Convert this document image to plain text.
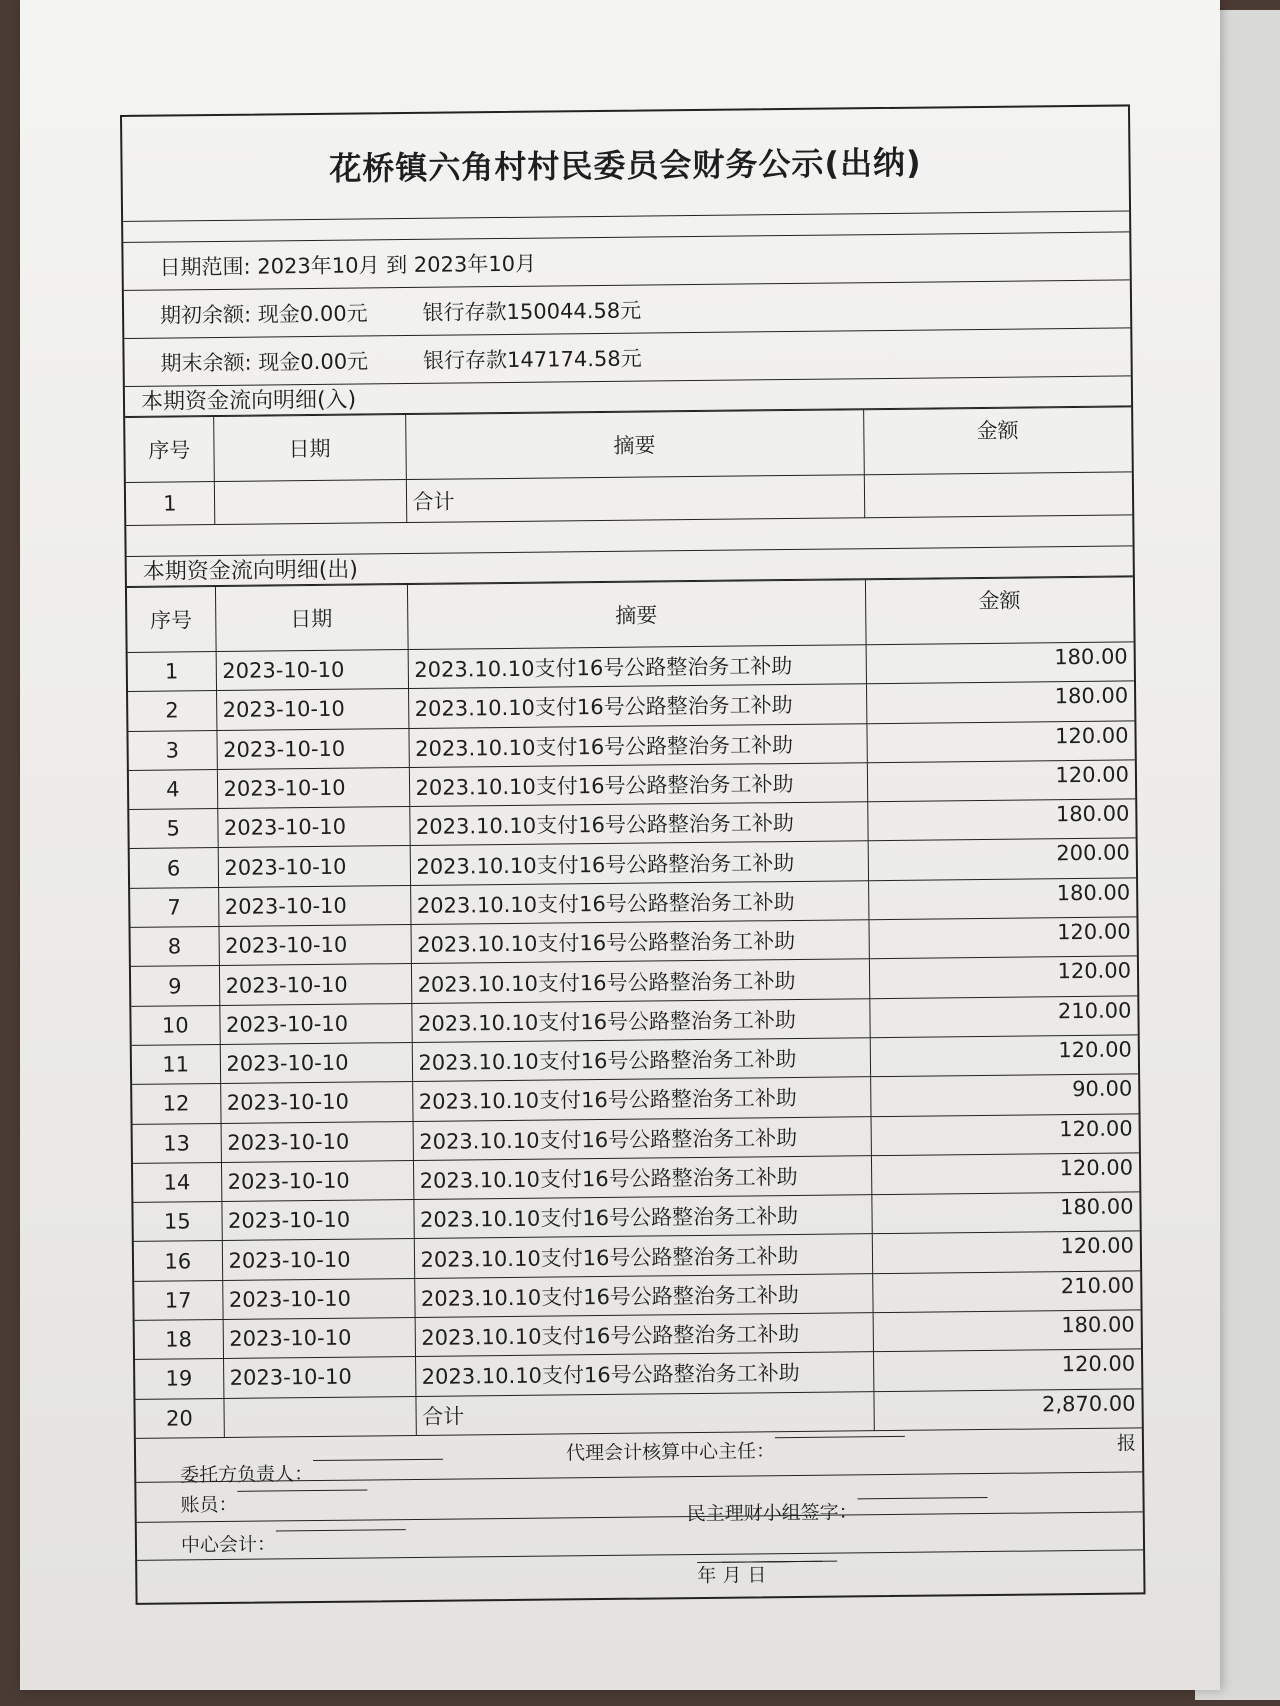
花桥镇六角村村民委员会财务公示(出纳)
日期范围: 2023年10月 到 2023年10月
期初余额: 现金0.00元	银行存款150044.58元
期末余额: 现金0.00元	银行存款147174.58元
本期资金流向明细(入)
序号	日期	摘要	金额
1		合计	
本期资金流向明细(出)
序号	日期	摘要	金额
1	2023-10-10	2023.10.10支付16号公路整治务工补助	180.00
2	2023-10-10	2023.10.10支付16号公路整治务工补助	180.00
3	2023-10-10	2023.10.10支付16号公路整治务工补助	120.00
4	2023-10-10	2023.10.10支付16号公路整治务工补助	120.00
5	2023-10-10	2023.10.10支付16号公路整治务工补助	180.00
6	2023-10-10	2023.10.10支付16号公路整治务工补助	200.00
7	2023-10-10	2023.10.10支付16号公路整治务工补助	180.00
8	2023-10-10	2023.10.10支付16号公路整治务工补助	120.00
9	2023-10-10	2023.10.10支付16号公路整治务工补助	120.00
10	2023-10-10	2023.10.10支付16号公路整治务工补助	210.00
11	2023-10-10	2023.10.10支付16号公路整治务工补助	120.00
12	2023-10-10	2023.10.10支付16号公路整治务工补助	90.00
13	2023-10-10	2023.10.10支付16号公路整治务工补助	120.00
14	2023-10-10	2023.10.10支付16号公路整治务工补助	120.00
15	2023-10-10	2023.10.10支付16号公路整治务工补助	180.00
16	2023-10-10	2023.10.10支付16号公路整治务工补助	120.00
17	2023-10-10	2023.10.10支付16号公路整治务工补助	210.00
18	2023-10-10	2023.10.10支付16号公路整治务工补助	180.00
19	2023-10-10	2023.10.10支付16号公路整治务工补助	120.00
20		合计	2,870.00
代理会计核算中心主任：	报
委托方负责人：
账员：	民主理财小组签字：
中心会计：
年 月 日
